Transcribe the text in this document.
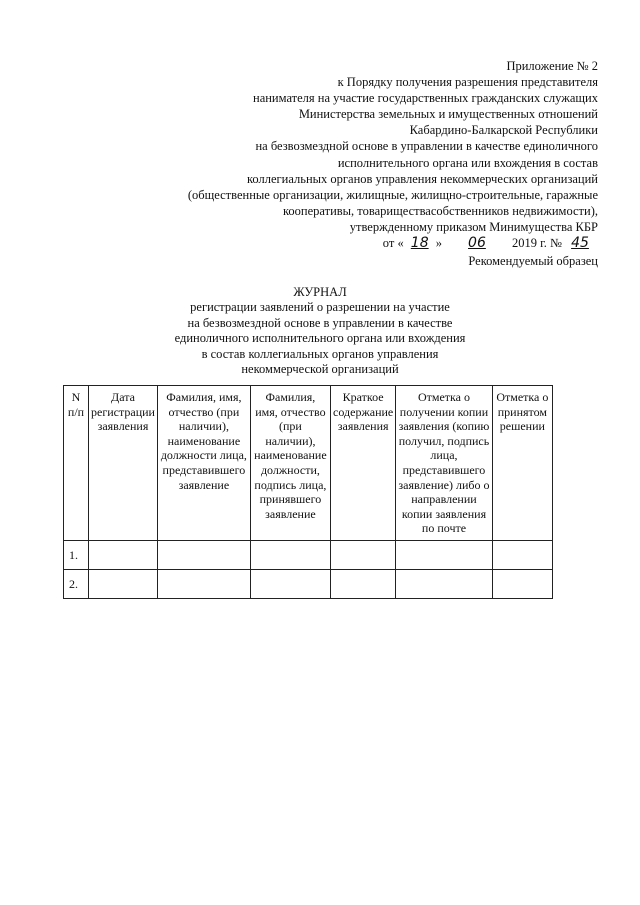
Приложение № 2
к Порядку получения разрешения представителя
нанимателя на участие государственных гражданских служащих
Министерства земельных и имущественных отношений
Кабардино-Балкарской Республики
на безвозмездной основе в управлении в качестве единоличного
исполнительного органа или вхождения в состав
коллегиальных органов управления некоммерческих организаций
(общественные организации, жилищные, жилищно-строительные, гаражные
кооперативы, товариществасобственников недвижимости),
утвержденному приказом Минимущества КБР
от « 18 » 06 2019 г. № 45
Рекомендуемый образец
ЖУРНАЛ
регистрации заявлений о разрешении на участие
на безвозмездной основе в управлении в качестве
единоличного исполнительного органа или вхождения
в состав коллегиальных органов управления
некоммерческой организаций
N п/п	Дата регистрации заявления	Фамилия, имя, отчество (при наличии), наименование должности лица, представившего заявление	Фамилия, имя, отчество (при наличии), наименование должности, подпись лица, принявшего заявление	Краткое содержание заявления	Отметка о получении копии заявления (копию получил, подпись лица, представившего заявление) либо о направлении копии заявления по почте	Отметка о принятом решении
1.						
2.						
